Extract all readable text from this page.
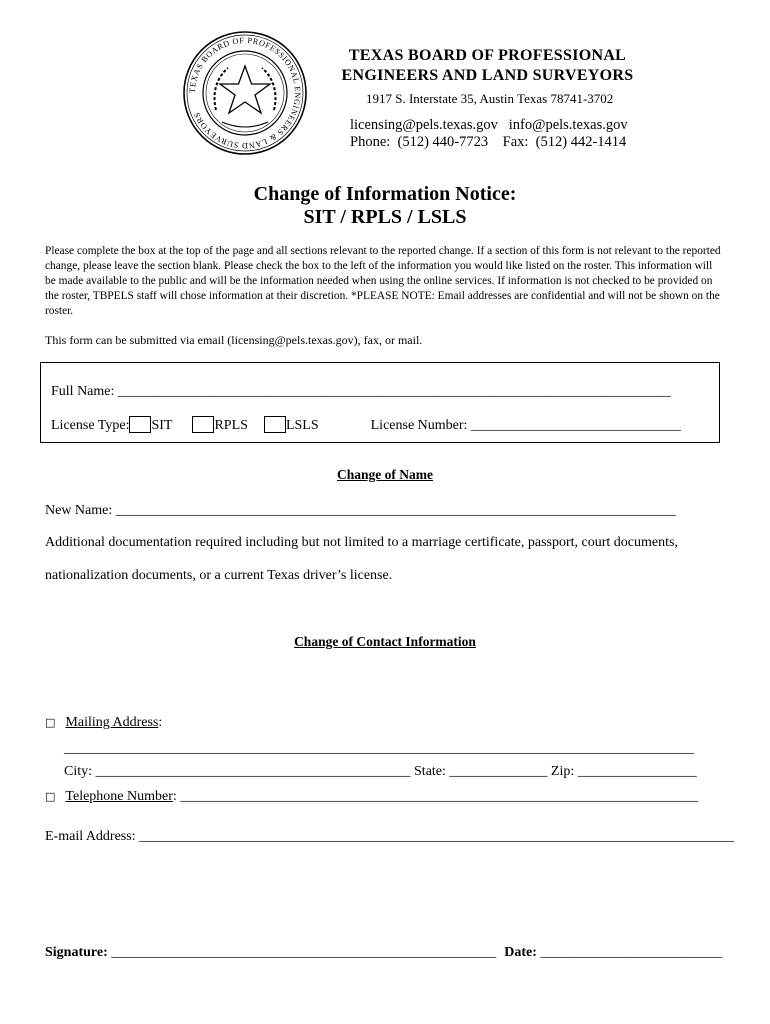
TEXAS BOARD OF PROFESSIONAL ENGINEERS & LAND SURVEYORS
TEXAS BOARD OF PROFESSIONAL
ENGINEERS AND LAND SURVEYORS
1917 S. Interstate 35, Austin Texas 78741-3702
licensing@pels.texas.gov   info@pels.texas.gov
Phone:  (512) 440-7723    Fax:  (512) 442-1414
Change of Information Notice:
SIT / RPLS / LSLS
Please complete the box at the top of the page and all sections relevant to the reported change. If a section of this form is not relevant to the reported change, please leave the section blank. Please check the box to the left of the information you would like listed on the roster. This information will be made available to the public and will be the information needed when using the online services. If information is not checked to be provided on the roster, TBPELS staff will chose information at their discretion. *PLEASE NOTE: Email addresses are confidential and will not be shown on the roster.
This form can be submitted via email (licensing@pels.texas.gov), fax, or mail.
Full Name: _______________________________________________________________________________
License Type: SIT	RPLS	LSLS	License Number: ______________________________
Change of Name
New Name: ________________________________________________________________________________
Additional documentation required including but not limited to a marriage certificate, passport, court documents,
nationalization documents, or a current Texas driver’s license.
Change of Contact Information
□ Mailing Address:
__________________________________________________________________________________________
City: _____________________________________________ State: ______________ Zip: _________________
□ Telephone Number: __________________________________________________________________________
E-mail Address: _____________________________________________________________________________________
Signature: _______________________________________________________ Date: __________________________
